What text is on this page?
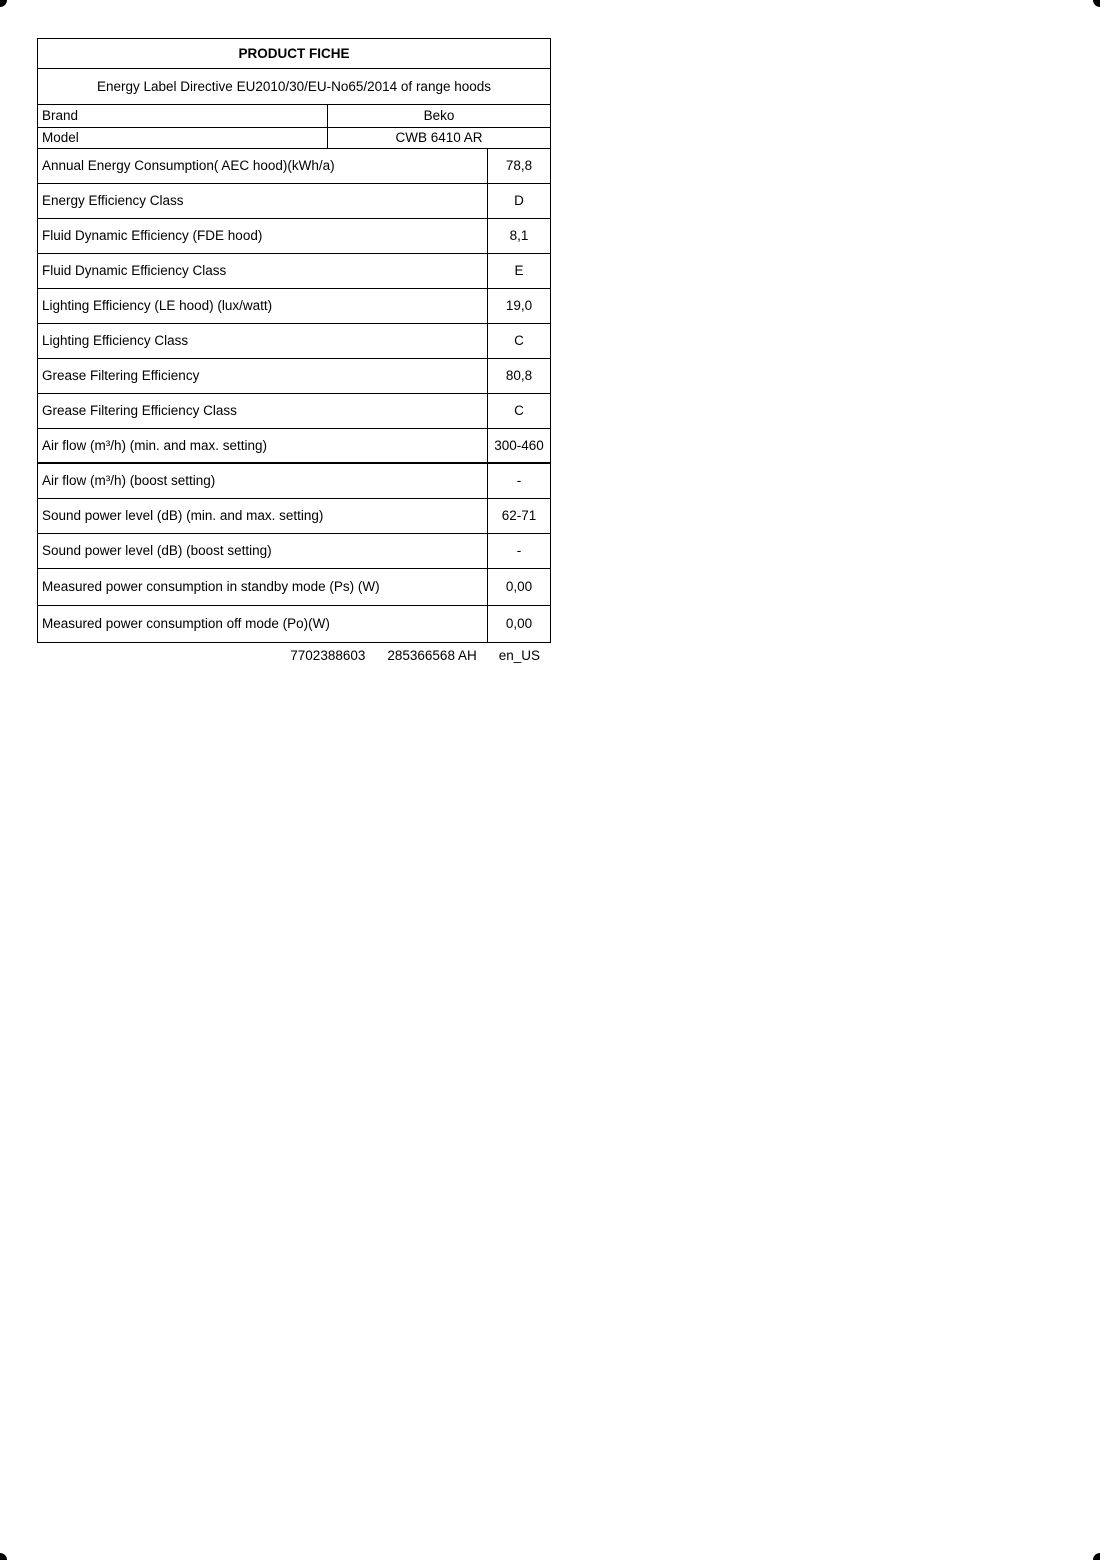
PRODUCT FICHE
Energy Label Directive EU2010/30/EU-No65/2014 of range hoods
Brand	Beko
Model	CWB 6410 AR
Annual Energy Consumption( AEC hood)(kWh/a)	78,8
Energy Efficiency Class	D
Fluid Dynamic Efficiency (FDE hood)	8,1
Fluid Dynamic Efficiency Class	E
Lighting Efficiency (LE hood) (lux/watt)	19,0
Lighting Efficiency Class	C
Grease Filtering Efficiency	80,8
Grease Filtering Efficiency Class	C
Air flow (m³/h) (min. and max. setting)	300-460
Air flow (m³/h) (boost setting)	-
Sound power level (dB) (min. and max. setting)	62-71
Sound power level (dB) (boost setting)	-
Measured power consumption in standby mode (Ps) (W)	0,00
Measured power consumption off mode (Po)(W)	0,00
7702388603 285366568 AH en_US
